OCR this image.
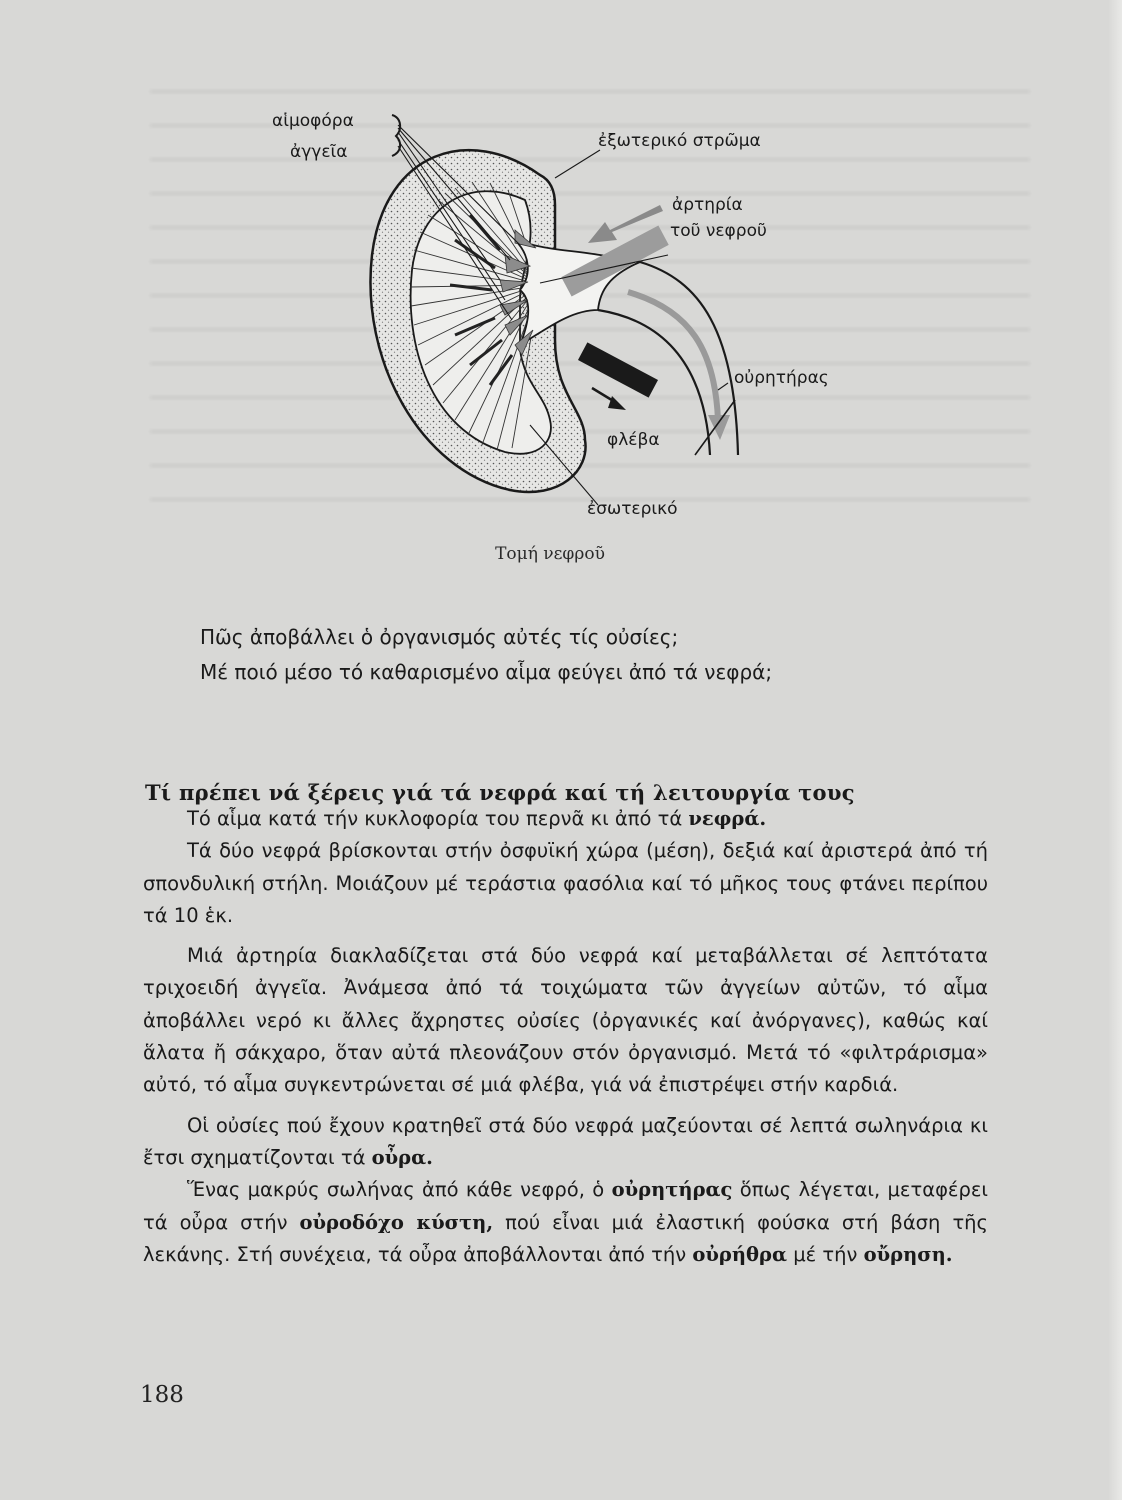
αἱμοφόρα
ἀγγεῖα
ἐξωτερικό στρῶμα
ἀρτηρία
τοῦ νεφροῦ
οὐρητήρας
φλέβα
ἐσωτερικό
Τομή νεφροῦ

Πῶς ἀποβάλλει ὁ ὀργανισμός αὐτές τίς οὐσίες;

Μέ ποιό μέσο τό καθαρισμένο αἷμα φεύγει ἀπό τά νεφρά;

Τί πρέπει νά ξέρεις γιά τά νεφρά καί τή λειτουργία τους

Τό αἷμα κατά τήν κυκλοφορία του περνᾶ κι ἀπό τά νεφρά.

Τά δύο νεφρά βρίσκονται στήν ὀσφυϊκή χώρα (μέση), δεξιά καί ἀριστερά ἀπό τή σπονδυλική στήλη. Μοιάζουν μέ τεράστια φασόλια καί τό μῆκος τους φτάνει περίπου τά 10 ἑκ.

Μιά ἀρτηρία διακλαδίζεται στά δύο νεφρά καί μεταβάλλεται σέ λεπτότατα τριχοειδή ἀγγεῖα. Ἀνάμεσα ἀπό τά τοιχώματα τῶν ἀγγείων αὐτῶν, τό αἷμα ἀποβάλλει νερό κι ἄλλες ἄχρηστες οὐσίες (ὀργανικές καί ἀνόργανες), καθώς καί ἅλατα ἤ σάκχαρο, ὅταν αὐτά πλεονάζουν στόν ὀργανισμό. Μετά τό «φιλτράρισμα» αὐτό, τό αἷμα συγκεντρώνεται σέ μιά φλέβα, γιά νά ἐπιστρέψει στήν καρδιά.

Οἱ οὐσίες πού ἔχουν κρατηθεῖ στά δύο νεφρά μαζεύονται σέ λεπτά σωληνάρια κι ἔτσι σχηματίζονται τά οὖρα.

Ἕνας μακρύς σωλήνας ἀπό κάθε νεφρό, ὁ οὐρητήρας ὅπως λέγεται, μεταφέρει τά οὖρα στήν οὐροδόχο κύστη, πού εἶναι μιά ἐλαστική φούσκα στή βάση τῆς λεκάνης. Στή συνέχεια, τά οὖρα ἀποβάλλονται ἀπό τήν οὐρήθρα μέ τήν οὔρηση.

188
